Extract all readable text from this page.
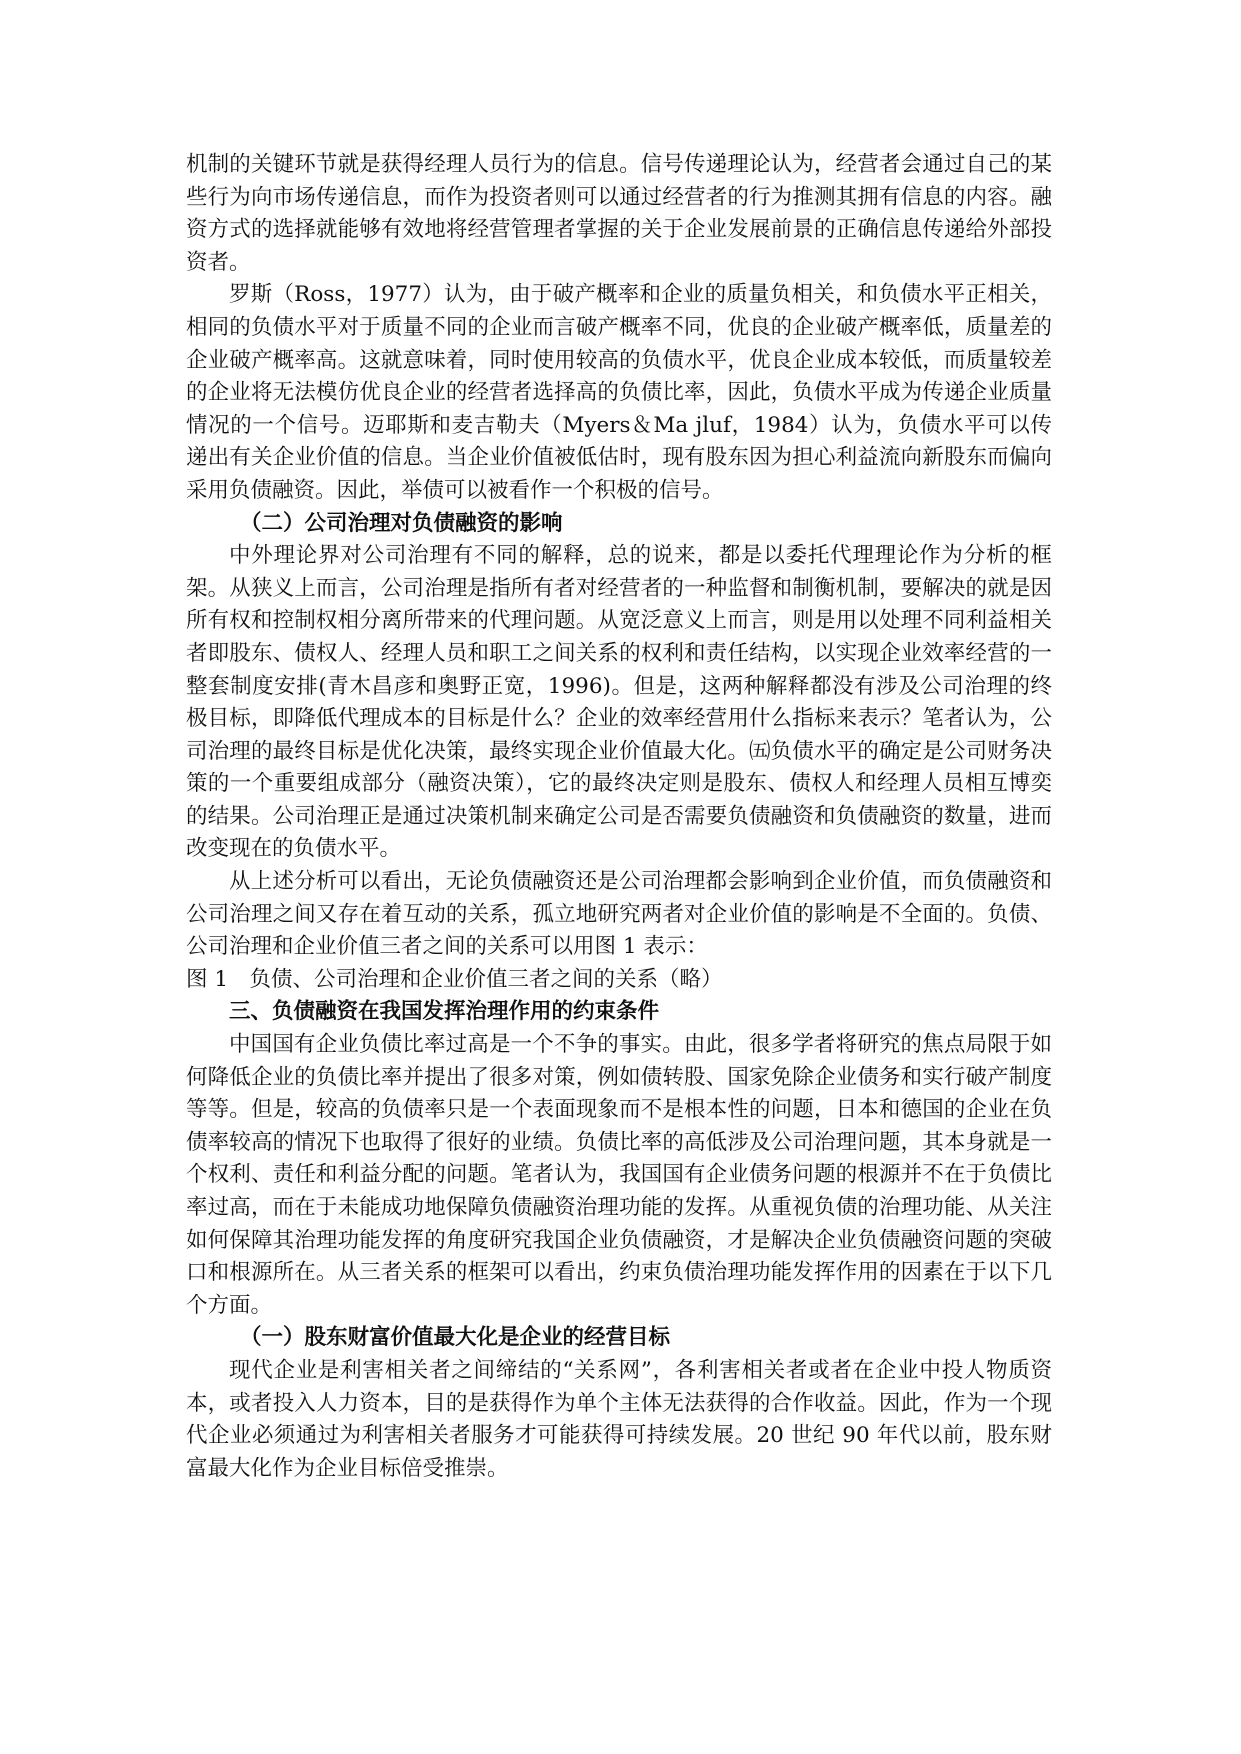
机制的关键环节就是获得经理人员行为的信息。信号传递理论认为，经营者会通过自己的某些行为向市场传递信息，而作为投资者则可以通过经营者的行为推测其拥有信息的内容。融资方式的选择就能够有效地将经营管理者掌握的关于企业发展前景的正确信息传递给外部投资者。

罗斯（Ross，1977）认为，由于破产概率和企业的质量负相关，和负债水平正相关，相同的负债水平对于质量不同的企业而言破产概率不同，优良的企业破产概率低，质量差的企业破产概率高。这就意味着，同时使用较高的负债水平，优良企业成本较低，而质量较差的企业将无法模仿优良企业的经营者选择高的负债比率，因此，负债水平成为传递企业质量情况的一个信号。迈耶斯和麦吉勒夫（Myers＆Ma jluf，1984）认为，负债水平可以传递出有关企业价值的信息。当企业价值被低估时，现有股东因为担心利益流向新股东而偏向采用负债融资。因此，举债可以被看作一个积极的信号。

（二）公司治理对负债融资的影响

中外理论界对公司治理有不同的解释，总的说来，都是以委托代理理论作为分析的框架。从狭义上而言，公司治理是指所有者对经营者的一种监督和制衡机制，要解决的就是因所有权和控制权相分离所带来的代理问题。从宽泛意义上而言，则是用以处理不同利益相关者即股东、债权人、经理人员和职工之间关系的权利和责任结构，以实现企业效率经营的一整套制度安排(青木昌彦和奥野正宽，1996)。但是，这两种解释都没有涉及公司治理的终极目标，即降低代理成本的目标是什么？企业的效率经营用什么指标来表示？笔者认为，公司治理的最终目标是优化决策，最终实现企业价值最大化。㈤负债水平的确定是公司财务决策的一个重要组成部分（融资决策），它的最终决定则是股东、债权人和经理人员相互博奕的结果。公司治理正是通过决策机制来确定公司是否需要负债融资和负债融资的数量，进而改变现在的负债水平。

从上述分析可以看出，无论负债融资还是公司治理都会影响到企业价值，而负债融资和公司治理之间又存在着互动的关系，孤立地研究两者对企业价值的影响是不全面的。负债、公司治理和企业价值三者之间的关系可以用图 1 表示：

图 1　负债、公司治理和企业价值三者之间的关系（略）

三、负债融资在我国发挥治理作用的约束条件

中国国有企业负债比率过高是一个不争的事实。由此，很多学者将研究的焦点局限于如何降低企业的负债比率并提出了很多对策，例如债转股、国家免除企业债务和实行破产制度等等。但是，较高的负债率只是一个表面现象而不是根本性的问题，日本和德国的企业在负债率较高的情况下也取得了很好的业绩。负债比率的高低涉及公司治理问题，其本身就是一个权利、责任和利益分配的问题。笔者认为，我国国有企业债务问题的根源并不在于负债比率过高，而在于未能成功地保障负债融资治理功能的发挥。从重视负债的治理功能、从关注如何保障其治理功能发挥的角度研究我国企业负债融资，才是解决企业负债融资问题的突破口和根源所在。从三者关系的框架可以看出，约束负债治理功能发挥作用的因素在于以下几个方面。

（一）股东财富价值最大化是企业的经营目标

现代企业是利害相关者之间缔结的“关系网”，各利害相关者或者在企业中投人物质资本，或者投入人力资本，目的是获得作为单个主体无法获得的合作收益。因此，作为一个现代企业必须通过为利害相关者服务才可能获得可持续发展。20 世纪 90 年代以前，股东财富最大化作为企业目标倍受推崇。
